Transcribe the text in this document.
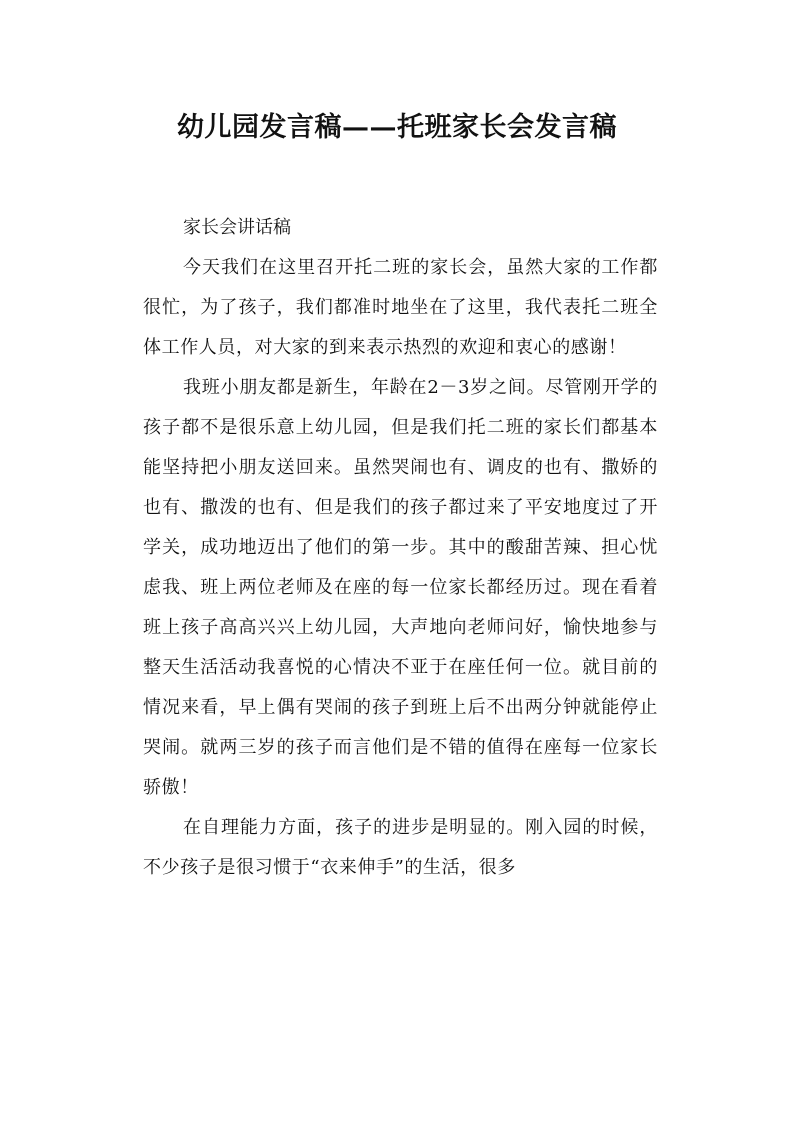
幼儿园发言稿——托班家长会发言稿

家长会讲话稿

今天我们在这里召开托二班的家长会，虽然大家的工作都很忙，为了孩子，我们都准时地坐在了这里，我代表托二班全体工作人员，对大家的到来表示热烈的欢迎和衷心的感谢！

我班小朋友都是新生，年龄在2－3岁之间。尽管刚开学的孩子都不是很乐意上幼儿园，但是我们托二班的家长们都基本能坚持把小朋友送回来。虽然哭闹也有、调皮的也有、撒娇的也有、撒泼的也有、但是我们的孩子都过来了平安地度过了开学关，成功地迈出了他们的第一步。其中的酸甜苦辣、担心忧虑我、班上两位老师及在座的每一位家长都经历过。现在看着班上孩子高高兴兴上幼儿园，大声地向老师问好，愉快地参与整天生活活动我喜悦的心情决不亚于在座任何一位。就目前的情况来看，早上偶有哭闹的孩子到班上后不出两分钟就能停止哭闹。就两三岁的孩子而言他们是不错的值得在座每一位家长骄傲！

在自理能力方面，孩子的进步是明显的。刚入园的时候，不少孩子是很习惯于“衣来伸手”的生活，很多
